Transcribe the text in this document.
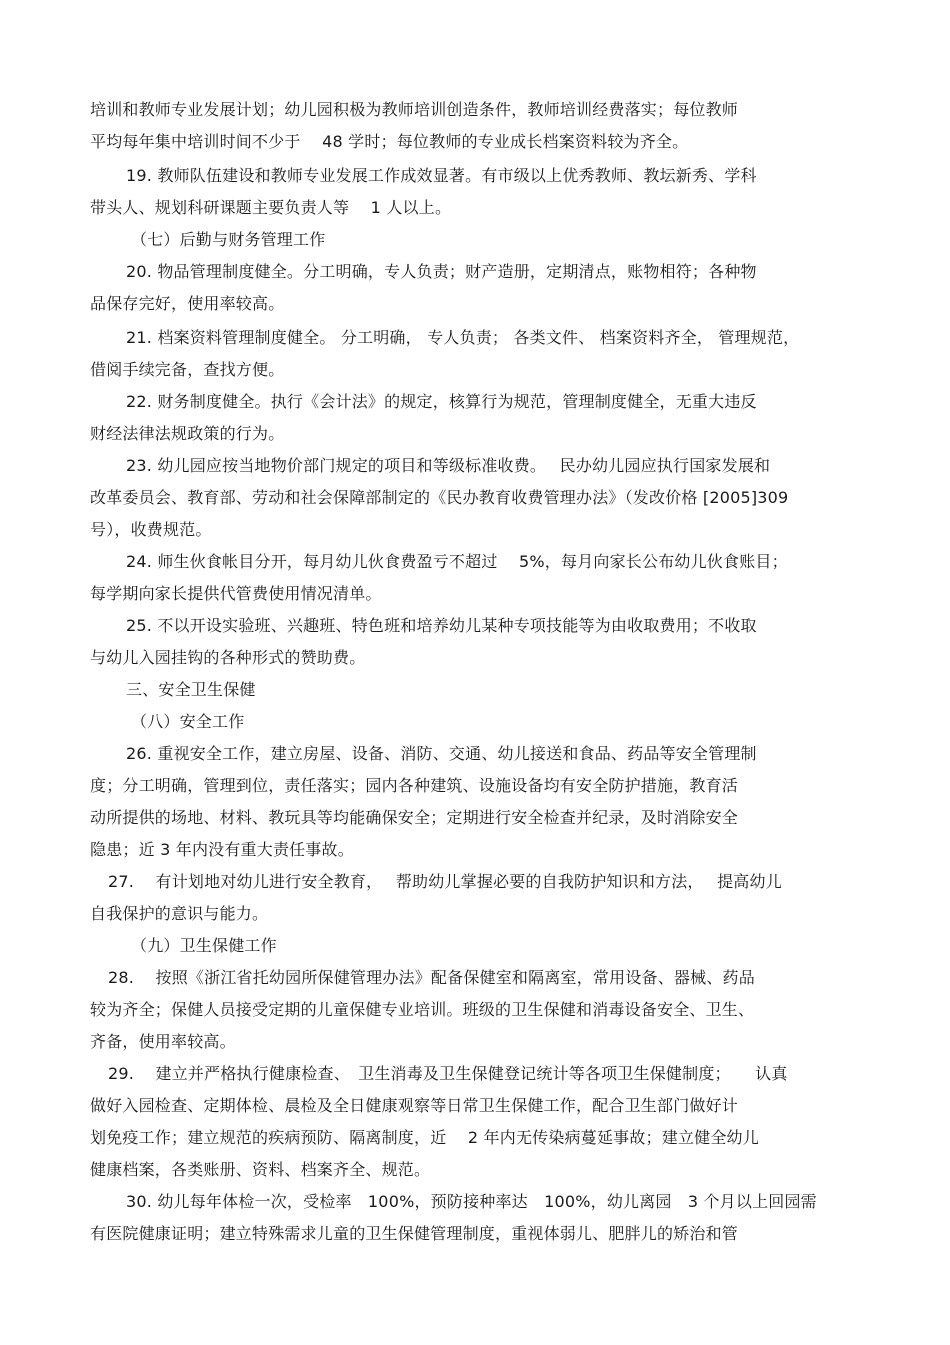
培训和教师专业发展计划；幼儿园积极为教师培训创造条件，教师培训经费落实；每位教师
平均每年集中培训时间不少于　 48 学时；每位教师的专业成长档案资料较为齐全。
19. 教师队伍建设和教师专业发展工作成效显著。有市级以上优秀教师、教坛新秀、学科
带头人、规划科研课题主要负责人等　 1 人以上。
（七）后勤与财务管理工作
20. 物品管理制度健全。分工明确，专人负责；财产造册，定期清点，账物相符；各种物
品保存完好，使用率较高。
21. 档案资料管理制度健全。 分工明确， 专人负责； 各类文件、 档案资料齐全， 管理规范，
借阅手续完备，查找方便。
22. 财务制度健全。执行《会计法》的规定，核算行为规范，管理制度健全，无重大违反
财经法律法规政策的行为。
23. 幼儿园应按当地物价部门规定的项目和等级标准收费。　 民办幼儿园应执行国家发展和
改革委员会、教育部、劳动和社会保障部制定的《民办教育收费管理办法》（发改价格 [2005]309
号），收费规范。
24. 师生伙食帐目分开，每月幼儿伙食费盈亏不超过　 5%，每月向家长公布幼儿伙食账目；
每学期向家长提供代管费使用情况清单。
25. 不以开设实验班、兴趣班、特色班和培养幼儿某种专项技能等为由收取费用；不收取
与幼儿入园挂钩的各种形式的赞助费。
三、安全卫生保健
（八）安全工作
26. 重视安全工作，建立房屋、设备、消防、交通、幼儿接送和食品、药品等安全管理制
度；分工明确，管理到位，责任落实；园内各种建筑、设施设备均有安全防护措施，教育活
动所提供的场地、材料、教玩具等均能确保安全；定期进行安全检查并纪录，及时消除安全
隐患；近 3 年内没有重大责任事故。
27.　 有计划地对幼儿进行安全教育，　 帮助幼儿掌握必要的自我防护知识和方法，　 提高幼儿
自我保护的意识与能力。
（九）卫生保健工作
28.　 按照《浙江省托幼园所保健管理办法》配备保健室和隔离室，常用设备、器械、药品
较为齐全；保健人员接受定期的儿童保健专业培训。班级的卫生保健和消毒设备安全、卫生、
齐备，使用率较高。
29.　 建立并严格执行健康检查、　卫生消毒及卫生保健登记统计等各项卫生保健制度；　　认真
做好入园检查、定期体检、晨检及全日健康观察等日常卫生保健工作，配合卫生部门做好计
划免疫工作；建立规范的疾病预防、隔离制度，近　 2 年内无传染病蔓延事故；建立健全幼儿
健康档案，各类账册、资料、档案齐全、规范。
30. 幼儿每年体检一次，受检率　100%，预防接种率达　100%，幼儿离园　3 个月以上回园需
有医院健康证明；建立特殊需求儿童的卫生保健管理制度，重视体弱儿、肥胖儿的矫治和管
